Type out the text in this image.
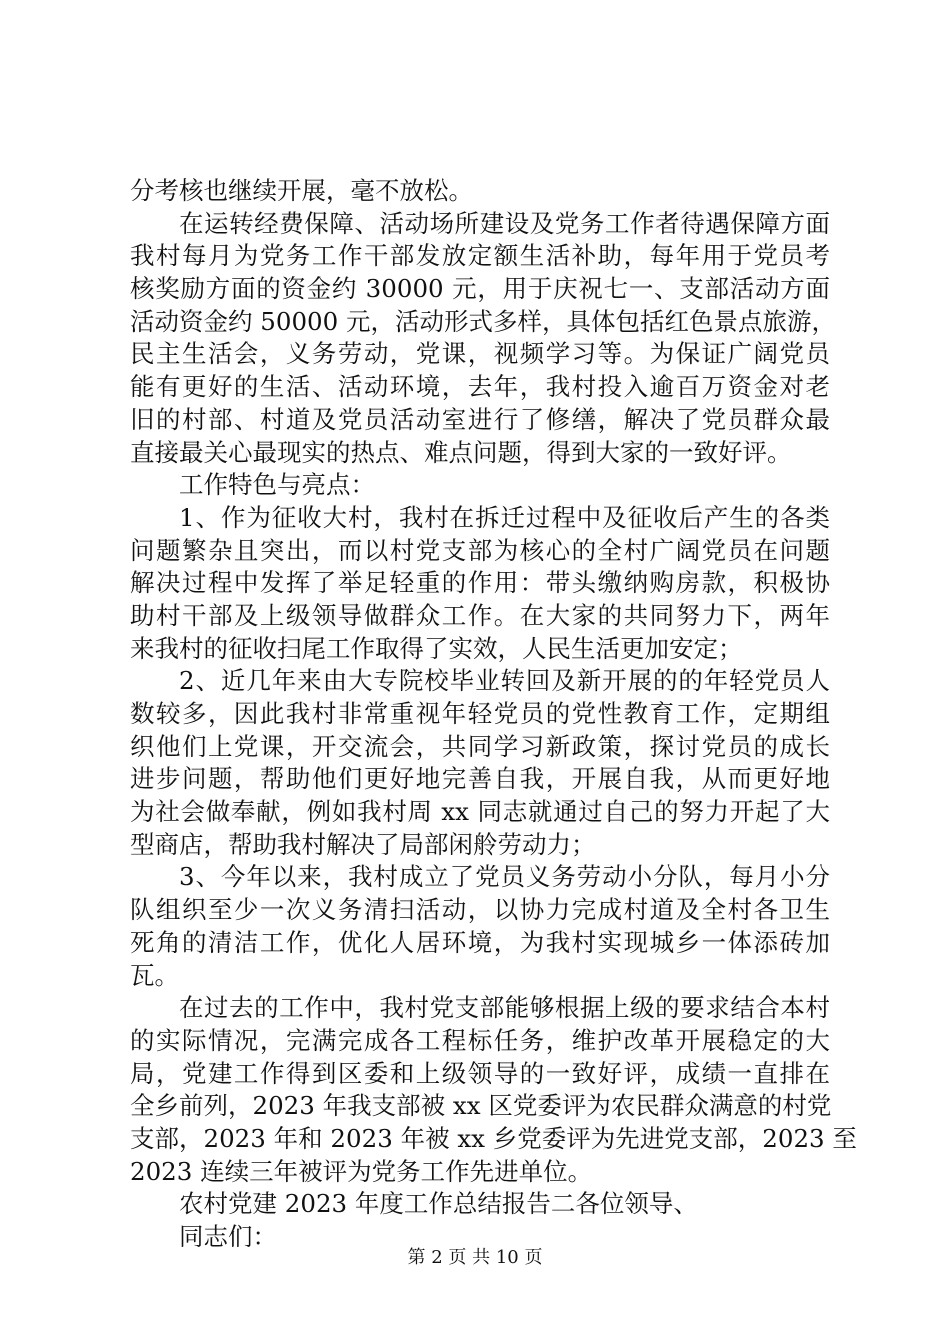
分考核也继续开展，毫不放松。
在运转经费保障、活动场所建设及党务工作者待遇保障方面
我村每月为党务工作干部发放定额生活补助，每年用于党员考
核奖励方面的资金约 30000 元，用于庆祝七一、支部活动方面
活动资金约 50000 元，活动形式多样，具体包括红色景点旅游，
民主生活会，义务劳动，党课，视频学习等。为保证广阔党员
能有更好的生活、活动环境，去年，我村投入逾百万资金对老
旧的村部、村道及党员活动室进行了修缮，解决了党员群众最
直接最关心最现实的热点、难点问题，得到大家的一致好评。
工作特色与亮点：
1、作为征收大村，我村在拆迁过程中及征收后产生的各类
问题繁杂且突出，而以村党支部为核心的全村广阔党员在问题
解决过程中发挥了举足轻重的作用：带头缴纳购房款，积极协
助村干部及上级领导做群众工作。在大家的共同努力下，两年
来我村的征收扫尾工作取得了实效，人民生活更加安定；
2、近几年来由大专院校毕业转回及新开展的的年轻党员人
数较多，因此我村非常重视年轻党员的党性教育工作，定期组
织他们上党课，开交流会，共同学习新政策，探讨党员的成长
进步问题，帮助他们更好地完善自我，开展自我，从而更好地
为社会做奉献，例如我村周 xx 同志就通过自己的努力开起了大
型商店，帮助我村解决了局部闲舲劳动力；
3、今年以来，我村成立了党员义务劳动小分队，每月小分
队组织至少一次义务清扫活动，以协力完成村道及全村各卫生
死角的清洁工作，优化人居环境，为我村实现城乡一体添砖加
瓦。
在过去的工作中，我村党支部能够根据上级的要求结合本村
的实际情况，完满完成各工程标任务，维护改革开展稳定的大
局，党建工作得到区委和上级领导的一致好评，成绩一直排在
全乡前列，2023 年我支部被 xx 区党委评为农民群众满意的村党
支部，2023 年和 2023 年被 xx 乡党委评为先进党支部，2023 至
2023 连续三年被评为党务工作先进单位。
农村党建 2023 年度工作总结报告二各位领导、
同志们：
第 2 页 共 10 页
